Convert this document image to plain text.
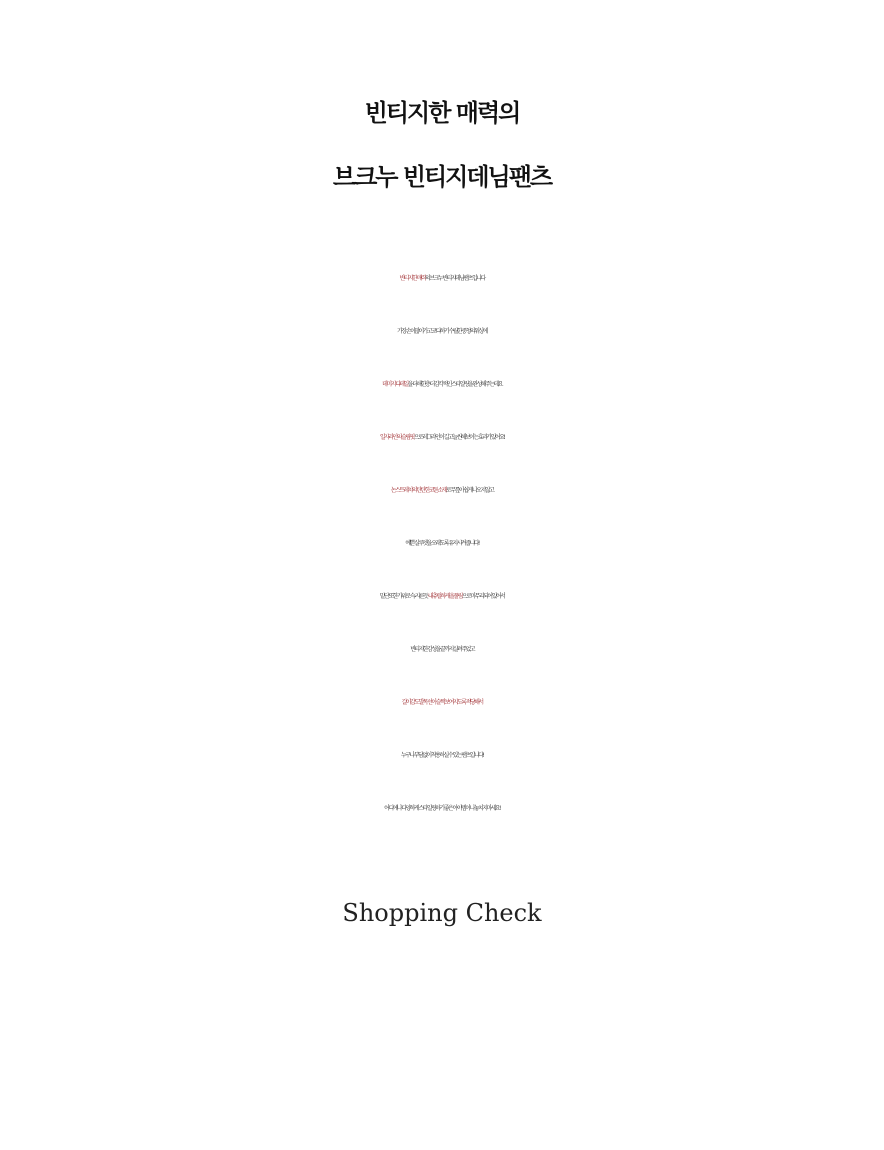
빈티지한 매력의
브크누 빈티지데님팬츠

빈티지한 매력의 브크누 빈티지데님팬츠 입니다

가장 손이많이가고 코디하기 수월한 중청의 워싱에

데미지 디테일을 더해 한층 더 감각적인 스타일링을 완성해주는데요

일자라인의 슬림핏으로 레그라인이 길고 늘씬해보이는 효과가 있어요!

논스트레치의 탄탄한 코튼소재로 무릎이 쉽게 나오지 않고

예쁜 실루엣을 오래도록 유지시켜 줍니다!

밑단 또한 가위로 슥- 자른듯 내츄럴하게 올풀림으로 마무리되어 있어서

빈티지한 감성을 끝까지 살려주었고

길이감도 발목선이 슬쩍 보여지도록 적당해서

누구나 부담없이 착용하실 수 있는 팬츠입니다!

어디에나 다양하게 스타일링하기 좋은 아이템이니 놓치지마세요!

Shopping Check
